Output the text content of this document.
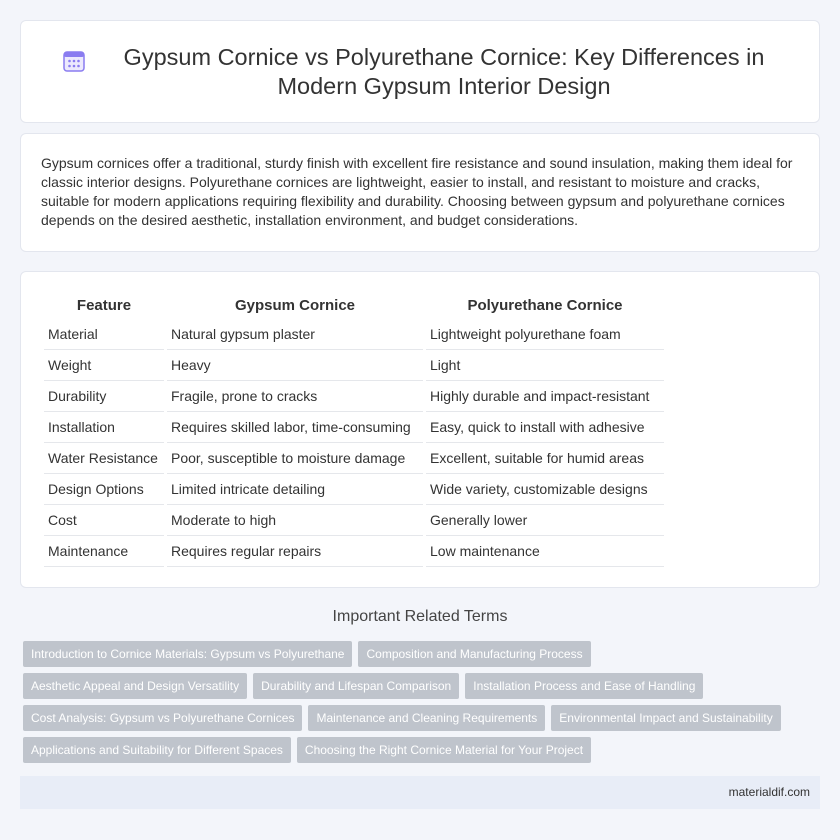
Gypsum Cornice vs Polyurethane Cornice: Key Differences in Modern Gypsum Interior Design

Gypsum cornices offer a traditional, sturdy finish with excellent fire resistance and sound insulation, making them ideal for classic interior designs. Polyurethane cornices are lightweight, easier to install, and resistant to moisture and cracks, suitable for modern applications requiring flexibility and durability. Choosing between gypsum and polyurethane cornices depends on the desired aesthetic, installation environment, and budget considerations.

Feature	Gypsum Cornice	Polyurethane Cornice
Material	Natural gypsum plaster	Lightweight polyurethane foam
Weight	Heavy	Light
Durability	Fragile, prone to cracks	Highly durable and impact-resistant
Installation	Requires skilled labor, time-consuming	Easy, quick to install with adhesive
Water Resistance	Poor, susceptible to moisture damage	Excellent, suitable for humid areas
Design Options	Limited intricate detailing	Wide variety, customizable designs
Cost	Moderate to high	Generally lower
Maintenance	Requires regular repairs	Low maintenance
Important Related Terms
Introduction to Cornice Materials: Gypsum vs Polyurethane	Composition and Manufacturing Process
Aesthetic Appeal and Design Versatility	Durability and Lifespan Comparison	Installation Process and Ease of Handling
Cost Analysis: Gypsum vs Polyurethane Cornices	Maintenance and Cleaning Requirements	Environmental Impact and Sustainability
Applications and Suitability for Different Spaces	Choosing the Right Cornice Material for Your Project
materialdif.com
